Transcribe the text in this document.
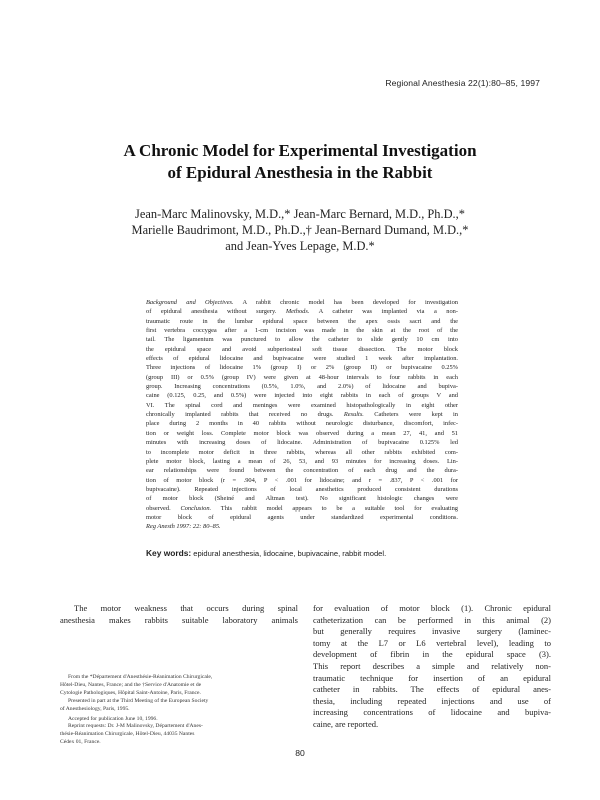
Regional Anesthesia 22(1):80–85, 1997
A Chronic Model for Experimental Investigation
of Epidural Anesthesia in the Rabbit
Jean-Marc Malinovsky, M.D.,* Jean-Marc Bernard, M.D., Ph.D.,*
Marielle Baudrimont, M.D., Ph.D.,† Jean-Bernard Dumand, M.D.,*
and Jean-Yves Lepage, M.D.*
Background and Objectives. A rabbit chronic model has been developed for investigation
of epidural anesthesia without surgery. Methods. A catheter was implanted via a non-
traumatic route in the lumbar epidural space between the apex ossis sacri and the
first vertebra coccygea after a 1-cm incision was made in the skin at the root of the
tail. The ligamentum was punctured to allow the catheter to slide gently 10 cm into
the epidural space and avoid subperiosteal soft tissue dissection. The motor block
effects of epidural lidocaine and bupivacaine were studied 1 week after implantation.
Three injections of lidocaine 1% (group I) or 2% (group II) or bupivacaine 0.25%
(group III) or 0.5% (group IV) were given at 48-hour intervals to four rabbits in each
group. Increasing concentrations (0.5%, 1.0%, and 2.0%) of lidocaine and bupiva-
caine (0.125, 0.25, and 0.5%) were injected into eight rabbits in each of groups V and
VI. The spinal cord and meninges were examined histopathologically in eight other
chronically implanted rabbits that received no drugs. Results. Catheters were kept in
place during 2 months in 40 rabbits without neurologic disturbance, discomfort, infec-
tion or weight loss. Complete motor block was observed during a mean 27, 41, and 51
minutes with increasing doses of lidocaine. Administration of bupivacaine 0.125% led
to incomplete motor deficit in three rabbits, whereas all other rabbits exhibited com-
plete motor block, lasting a mean of 26, 53, and 93 minutes for increasing doses. Lin-
ear relationships were found between the concentration of each drug and the dura-
tion of motor block (r = .904, P < .001 for lidocaine; and r = .837, P < .001 for
bupivacaine). Repeated injections of local anesthetics produced consistent durations
of motor block (Sheiné and Altman test). No significant histologic changes were
observed. Conclusion. This rabbit model appears to be a suitable tool for evaluating
motor block of epidural agents under standardized experimental conditions.
Reg Anesth 1997: 22: 80–85.
Key words: epidural anesthesia, lidocaine, bupivacaine, rabbit model.
The motor weakness that occurs during spinal
anesthesia makes rabbits suitable laboratory animals
for evaluation of motor block (1). Chronic epidural
catheterization can be performed in this animal (2)
but generally requires invasive surgery (laminec-
tomy at the L7 or L6 vertebral level), leading to
development of fibrin in the epidural space (3).
This report describes a simple and relatively non-
traumatic technique for insertion of an epidural
catheter in rabbits. The effects of epidural anes-
thesia, including repeated injections and use of
increasing concentrations of lidocaine and bupiva-
caine, are reported.
From the *Département d'Anesthésie-Réanimation Chirurgicale,
Hôtel-Dieu, Nantes, France; and the †Service d'Anatomie et de
Cytologie Pathologiques, Hôpital Saint-Antoine, Paris, France.
Presented in part at the Third Meeting of the European Society
of Anesthesiology, Paris, 1995.
Accepted for publication June 10, 1996.
Reprint requests: Dr. J-M Malinovsky, Département d'Anes-
thésie-Réanimation Chirurgicale, Hôtel-Dieu, 44035 Nantes
Cédex 01, France.
80
